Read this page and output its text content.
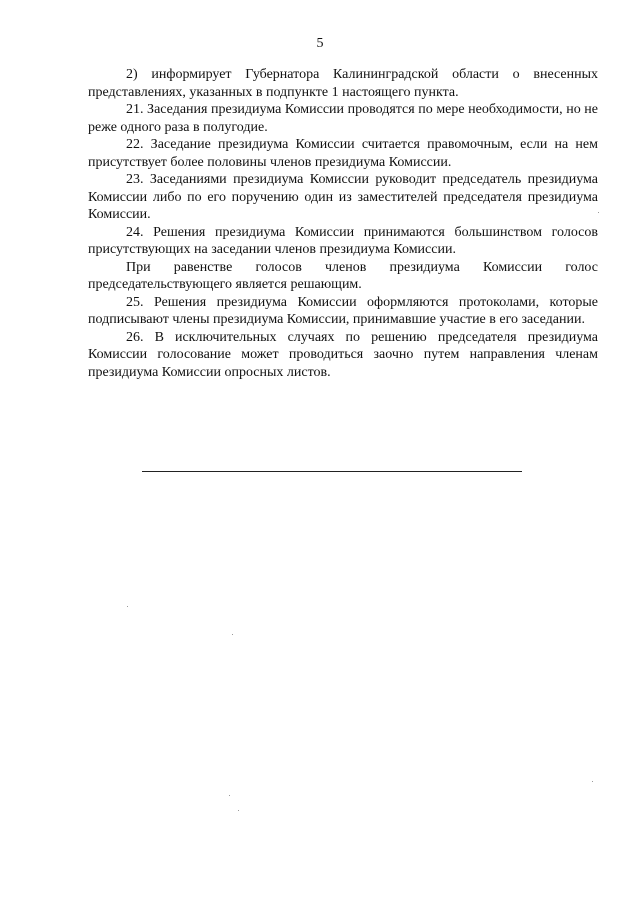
5

2) информирует Губернатора Калининградской области о внесенных представлениях, указанных в подпункте 1 настоящего пункта.

21. Заседания президиума Комиссии проводятся по мере необходимости, но не реже одного раза в полугодие.

22. Заседание президиума Комиссии считается правомочным, если на нем присутствует более половины членов президиума Комиссии.

23. Заседаниями президиума Комиссии руководит председатель президиума Комиссии либо по его поручению один из заместителей председателя президиума Комиссии.

24. Решения президиума Комиссии принимаются большинством голосов присутствующих на заседании членов президиума Комиссии.

При равенстве голосов членов президиума Комиссии голос председательствующего является решающим.

25. Решения президиума Комиссии оформляются протоколами, которые подписывают члены президиума Комиссии, принимавшие участие в его заседании.

26. В исключительных случаях по решению председателя президиума Комиссии голосование может проводиться заочно путем направления членам президиума Комиссии опросных листов.
